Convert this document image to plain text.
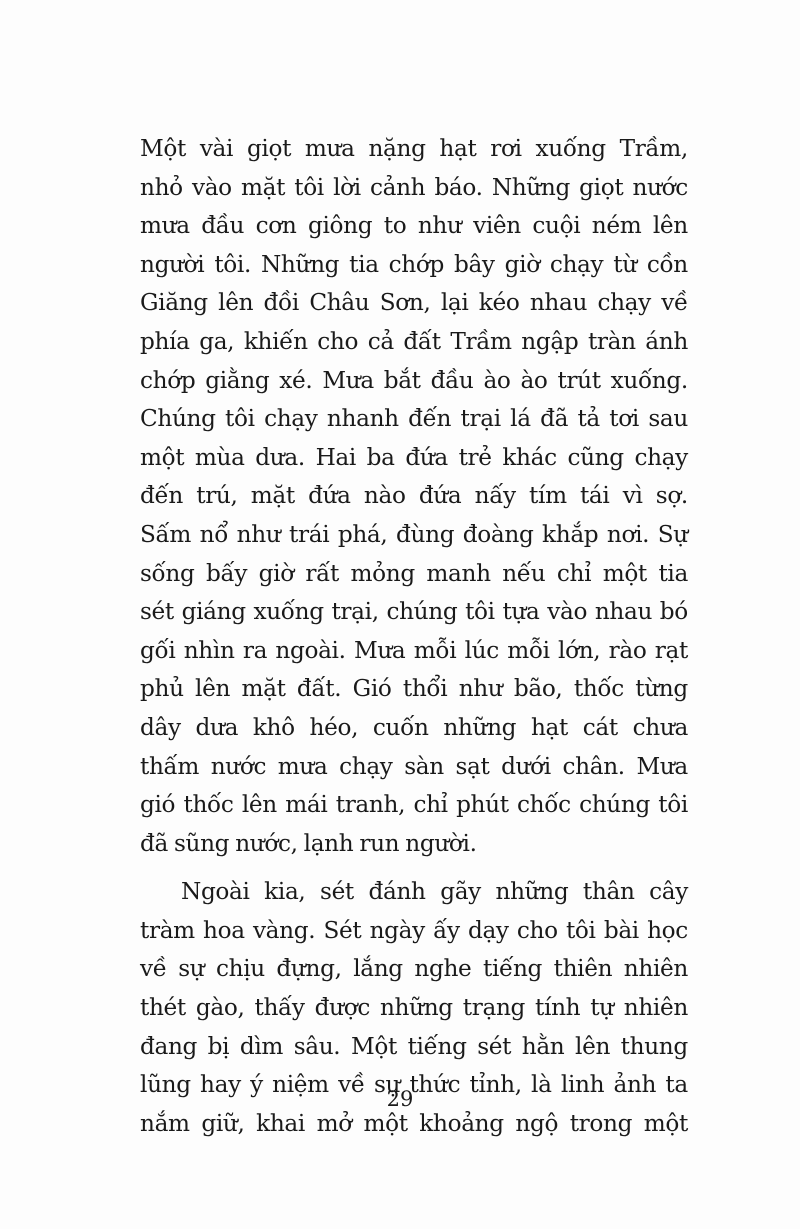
Một vài giọt mưa nặng hạt rơi xuống Trầm,
nhỏ vào mặt tôi lời cảnh báo. Những giọt nước
mưa đầu cơn giông to như viên cuội ném lên
người tôi. Những tia chớp bây giờ chạy từ cồn
Giăng lên đồi Châu Sơn, lại kéo nhau chạy về
phía ga, khiến cho cả đất Trầm ngập tràn ánh
chớp giằng xé. Mưa bắt đầu ào ào trút xuống.
Chúng tôi chạy nhanh đến trại lá đã tả tơi sau
một mùa dưa. Hai ba đứa trẻ khác cũng chạy
đến trú, mặt đứa nào đứa nấy tím tái vì sợ.
Sấm nổ như trái phá, đùng đoàng khắp nơi. Sự
sống bấy giờ rất mỏng manh nếu chỉ một tia
sét giáng xuống trại, chúng tôi tựa vào nhau bó
gối nhìn ra ngoài. Mưa mỗi lúc mỗi lớn, rào rạt
phủ lên mặt đất. Gió thổi như bão, thốc từng
dây dưa khô héo, cuốn những hạt cát chưa
thấm nước mưa chạy sàn sạt dưới chân. Mưa
gió thốc lên mái tranh, chỉ phút chốc chúng tôi
đã sũng nước, lạnh run người.
Ngoài kia, sét đánh gãy những thân cây
tràm hoa vàng. Sét ngày ấy dạy cho tôi bài học
về sự chịu đựng, lắng nghe tiếng thiên nhiên
thét gào, thấy được những trạng tính tự nhiên
đang bị dìm sâu. Một tiếng sét hằn lên thung
lũng hay ý niệm về sự thức tỉnh, là linh ảnh ta
nắm giữ, khai mở một khoảng ngộ trong một
29
